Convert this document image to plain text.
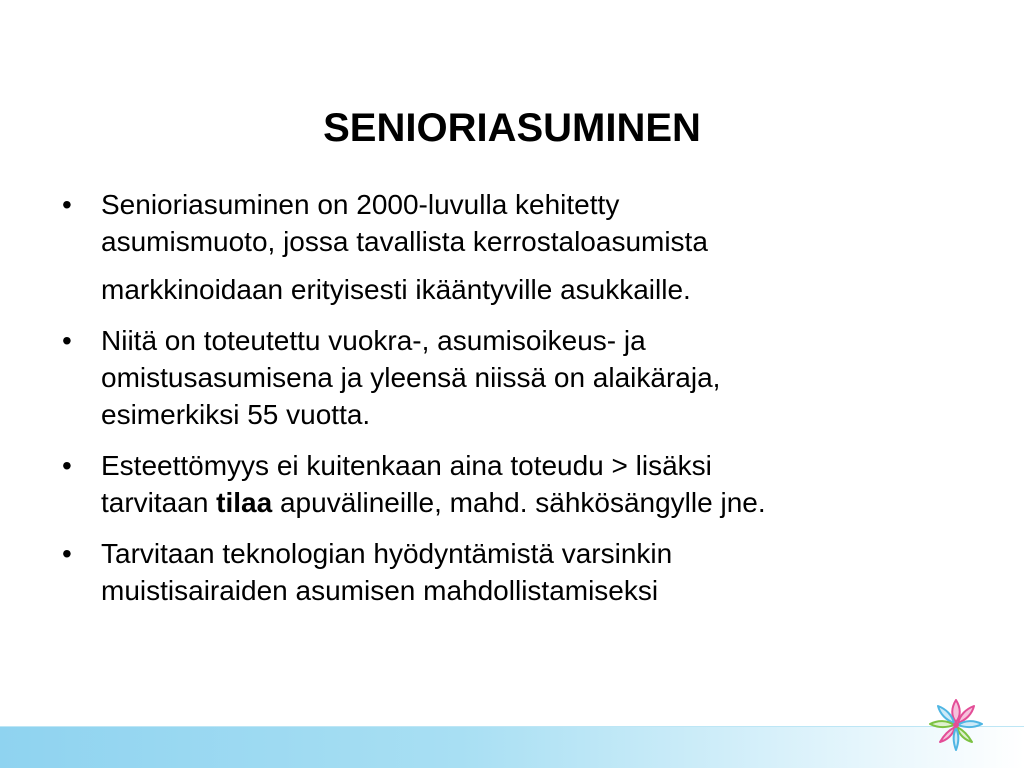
SENIORIASUMINEN
• Senioriasuminen on 2000-luvulla kehitetty
asumismuoto, jossa tavallista kerrostaloasumista
markkinoidaan erityisesti ikääntyville asukkaille.
• Niitä on toteutettu vuokra-, asumisoikeus- ja
omistusasumisena ja yleensä niissä on alaikäraja,
esimerkiksi 55 vuotta.
• Esteettömyys ei kuitenkaan aina toteudu > lisäksi
tarvitaan tilaa apuvälineille, mahd. sähkösängylle jne.
• Tarvitaan teknologian hyödyntämistä varsinkin
muistisairaiden asumisen mahdollistamiseksi
